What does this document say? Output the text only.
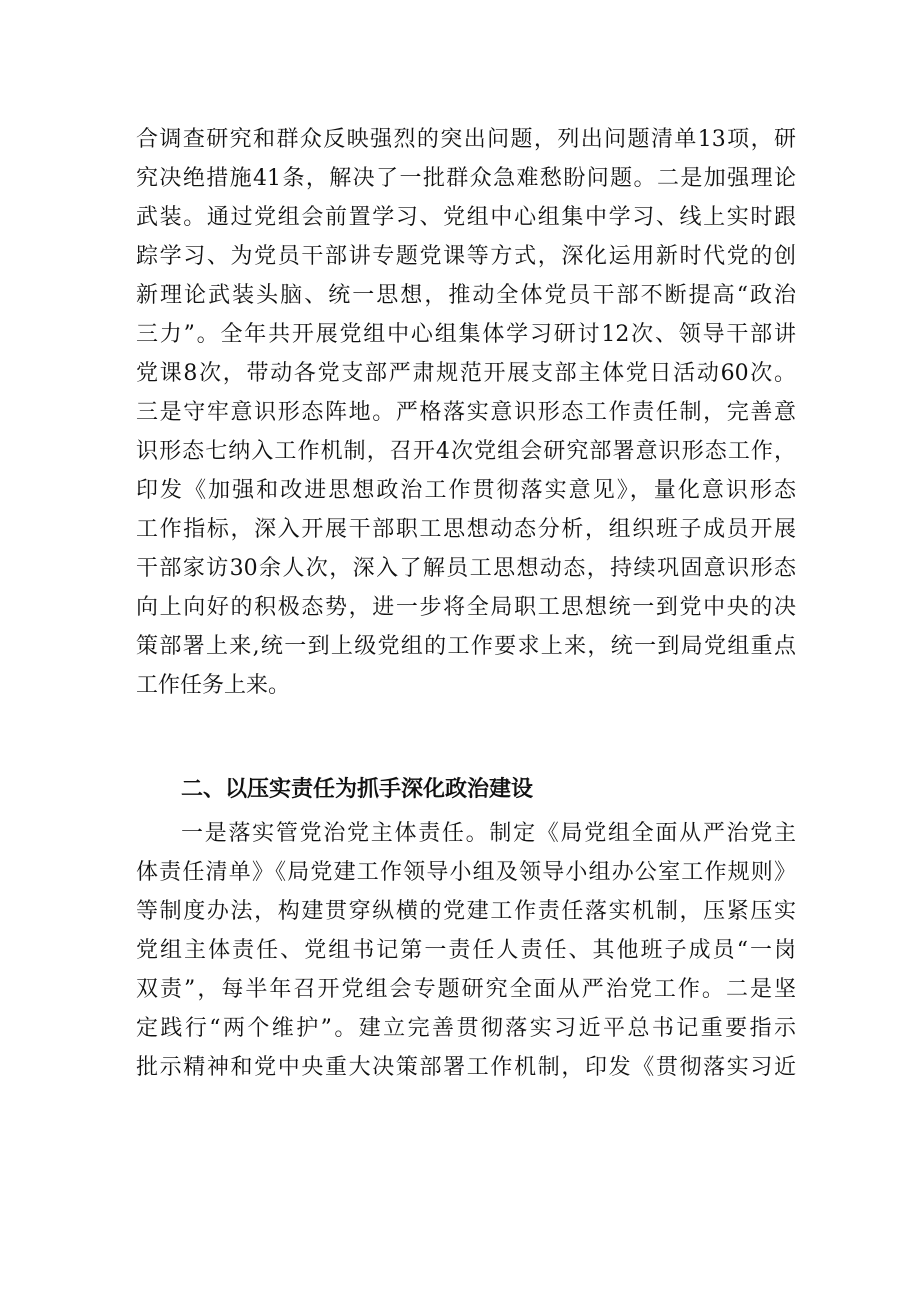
合调查研究和群众反映强烈的突出问题，列出问题清单13项，研
究决绝措施41条，解决了一批群众急难愁盼问题。二是加强理论
武装。通过党组会前置学习、党组中心组集中学习、线上实时跟
踪学习、为党员干部讲专题党课等方式，深化运用新时代党的创
新理论武装头脑、统一思想，推动全体党员干部不断提高“政治
三力”。全年共开展党组中心组集体学习研讨12次、领导干部讲
党课8次，带动各党支部严肃规范开展支部主体党日活动60次。
三是守牢意识形态阵地。严格落实意识形态工作责任制，完善意
识形态七纳入工作机制，召开4次党组会研究部署意识形态工作，
印发《加强和改进思想政治工作贯彻落实意见》，量化意识形态
工作指标，深入开展干部职工思想动态分析，组织班子成员开展
干部家访30余人次，深入了解员工思想动态，持续巩固意识形态
向上向好的积极态势，进一步将全局职工思想统一到党中央的决
策部署上来,统一到上级党组的工作要求上来，统一到局党组重点
工作任务上来。
二、以压实责任为抓手深化政治建设
一是落实管党治党主体责任。制定《局党组全面从严治党主
体责任清单》《局党建工作领导小组及领导小组办公室工作规则》
等制度办法，构建贯穿纵横的党建工作责任落实机制，压紧压实
党组主体责任、党组书记第一责任人责任、其他班子成员“一岗
双责”，每半年召开党组会专题研究全面从严治党工作。二是坚
定践行“两个维护”。建立完善贯彻落实习近平总书记重要指示
批示精神和党中央重大决策部署工作机制，印发《贯彻落实习近
